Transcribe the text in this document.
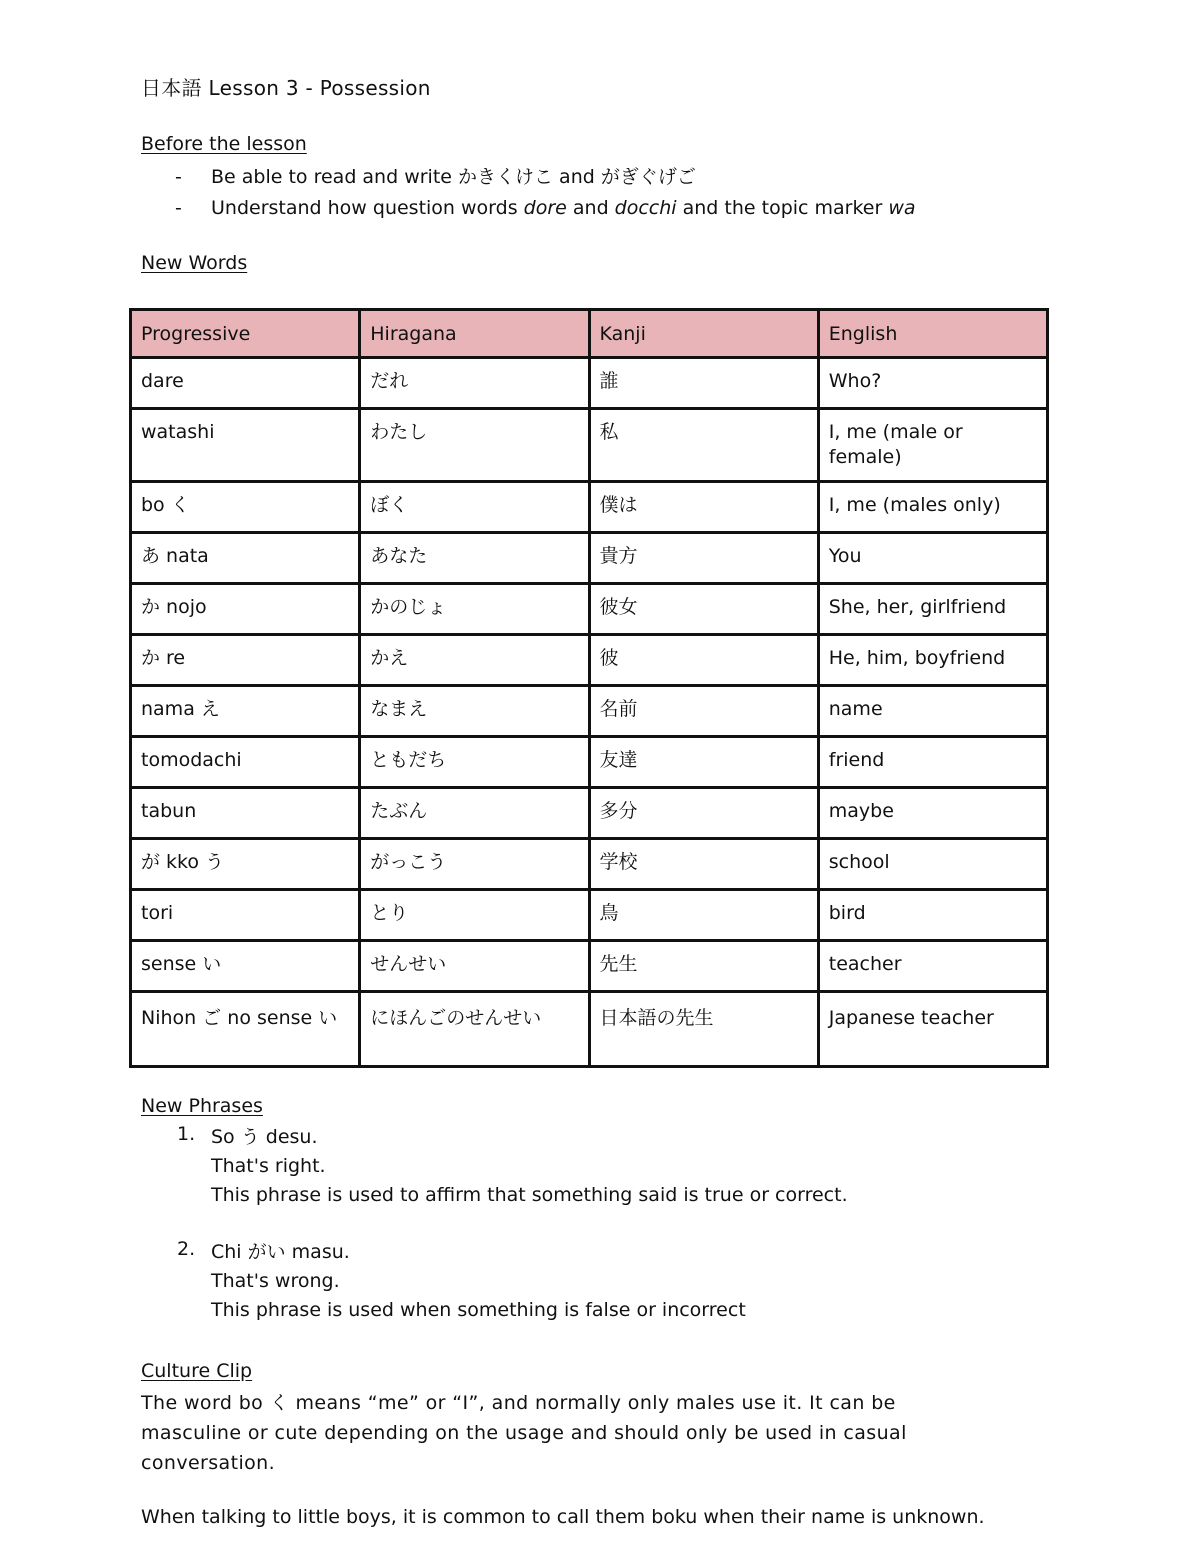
日本語 Lesson 3 - Possession
Before the lesson
- Be able to read and write かきくけこ and がぎぐげご
- Understand how question words dore and docchi and the topic marker wa
New Words
Progressive	Hiragana	Kanji	English
dare	だれ	誰	Who?
watashi	わたし	私	I, me (male or female)
bo く	ぼく	僕は	I, me (males only)
あ nata	あなた	貴方	You
か nojo	かのじょ	彼女	She, her, girlfriend
か re	かえ	彼	He, him, boyfriend
nama え	なまえ	名前	name
tomodachi	ともだち	友達	friend
tabun	たぶん	多分	maybe
が kko う	がっこう	学校	school
tori	とり	鳥	bird
sense い	せんせい	先生	teacher
Nihon ご no sense い	にほんごのせんせい	日本語の先生	Japanese teacher
New Phrases
1. So う desu.
That's right.
This phrase is used to affirm that something said is true or correct.
2. Chi がい masu.
That's wrong.
This phrase is used when something is false or incorrect
Culture Clip
The word bo く means “me” or “I”, and normally only males use it. It can be masculine or cute depending on the usage and should only be used in casual conversation.
When talking to little boys, it is common to call them boku when their name is unknown.
